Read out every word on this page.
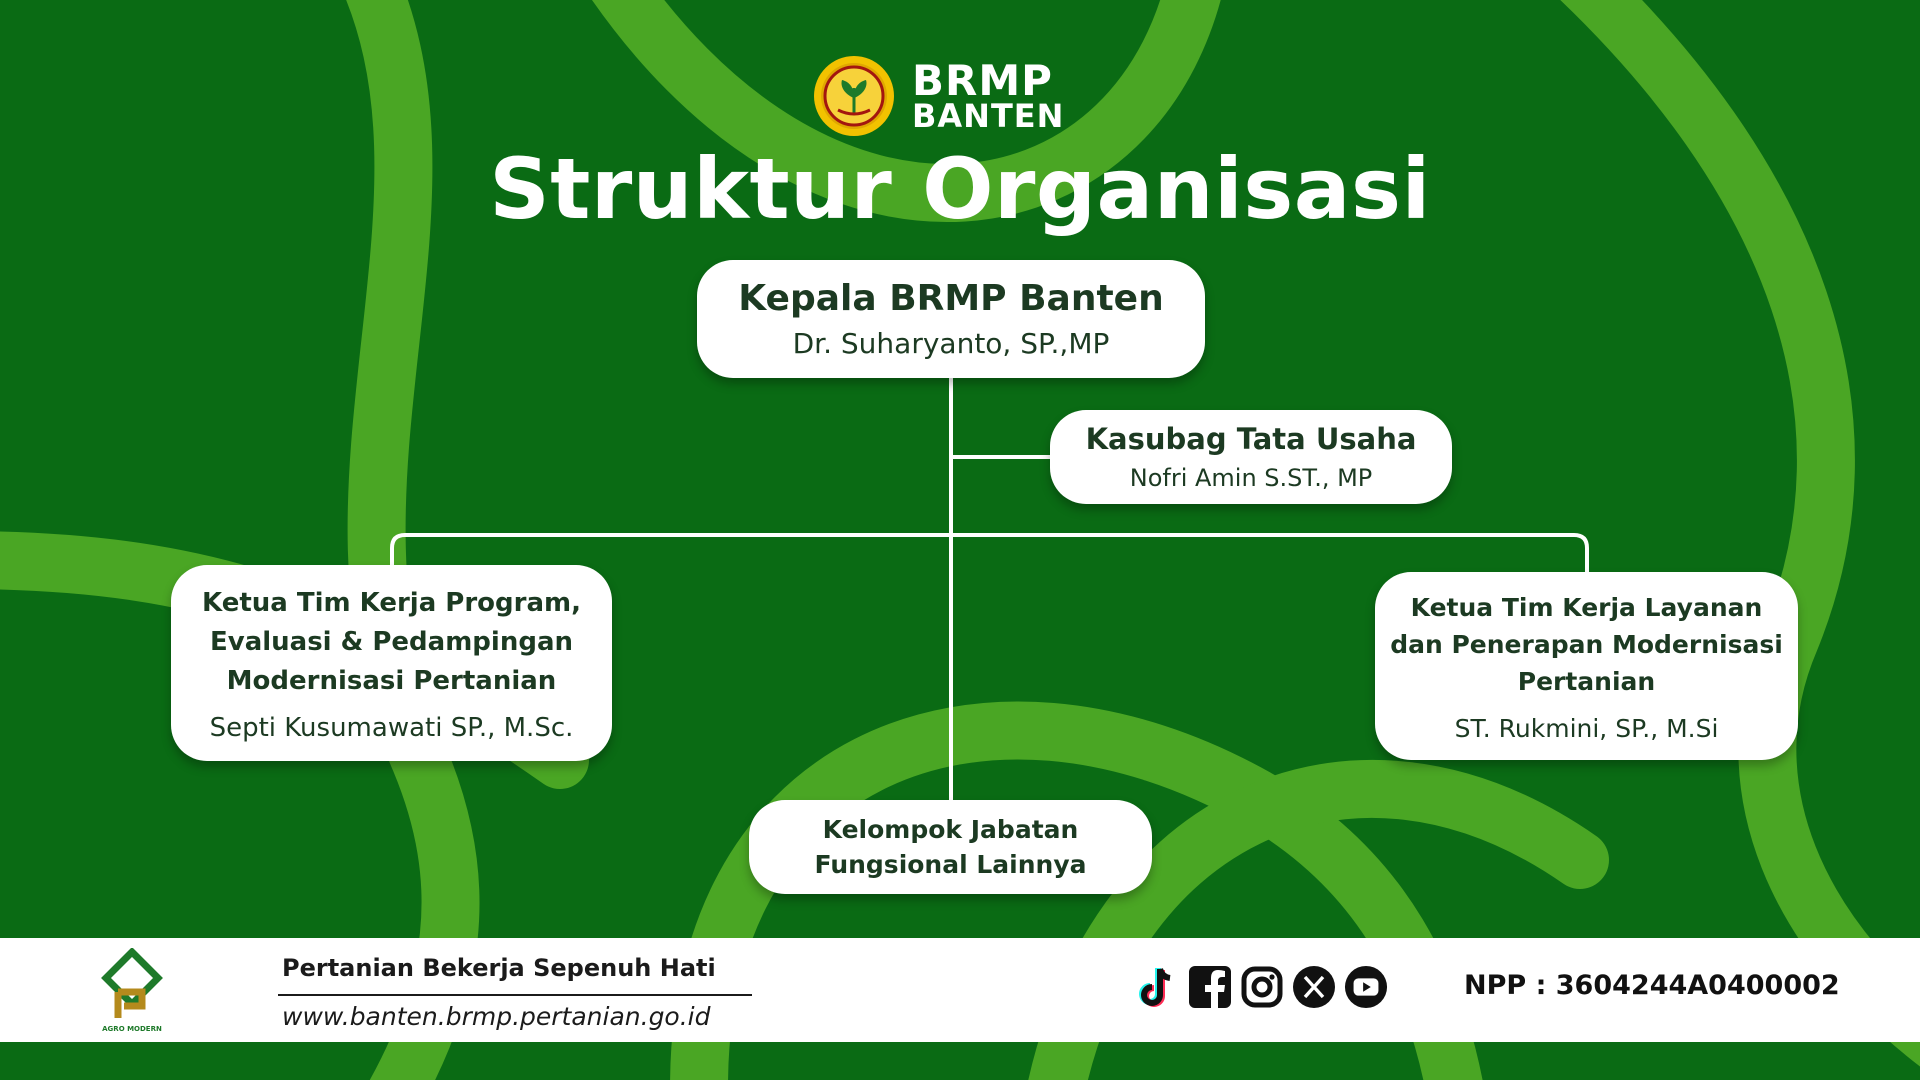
BRMP
BANTEN
Struktur Organisasi
Kepala BRMP Banten
Dr. Suharyanto, SP.,MP
Kasubag Tata Usaha
Nofri Amin S.ST., MP
Ketua Tim Kerja Program,
Evaluasi & Pedampingan
Modernisasi Pertanian
Septi Kusumawati SP., M.Sc.
Ketua Tim Kerja Layanan
dan Penerapan Modernisasi
Pertanian
ST. Rukmini, SP., M.Si
Kelompok Jabatan
Fungsional Lainnya
AGRO MODERN
Pertanian Bekerja Sepenuh Hati
www.banten.brmp.pertanian.go.id
NPP : 3604244A0400002
